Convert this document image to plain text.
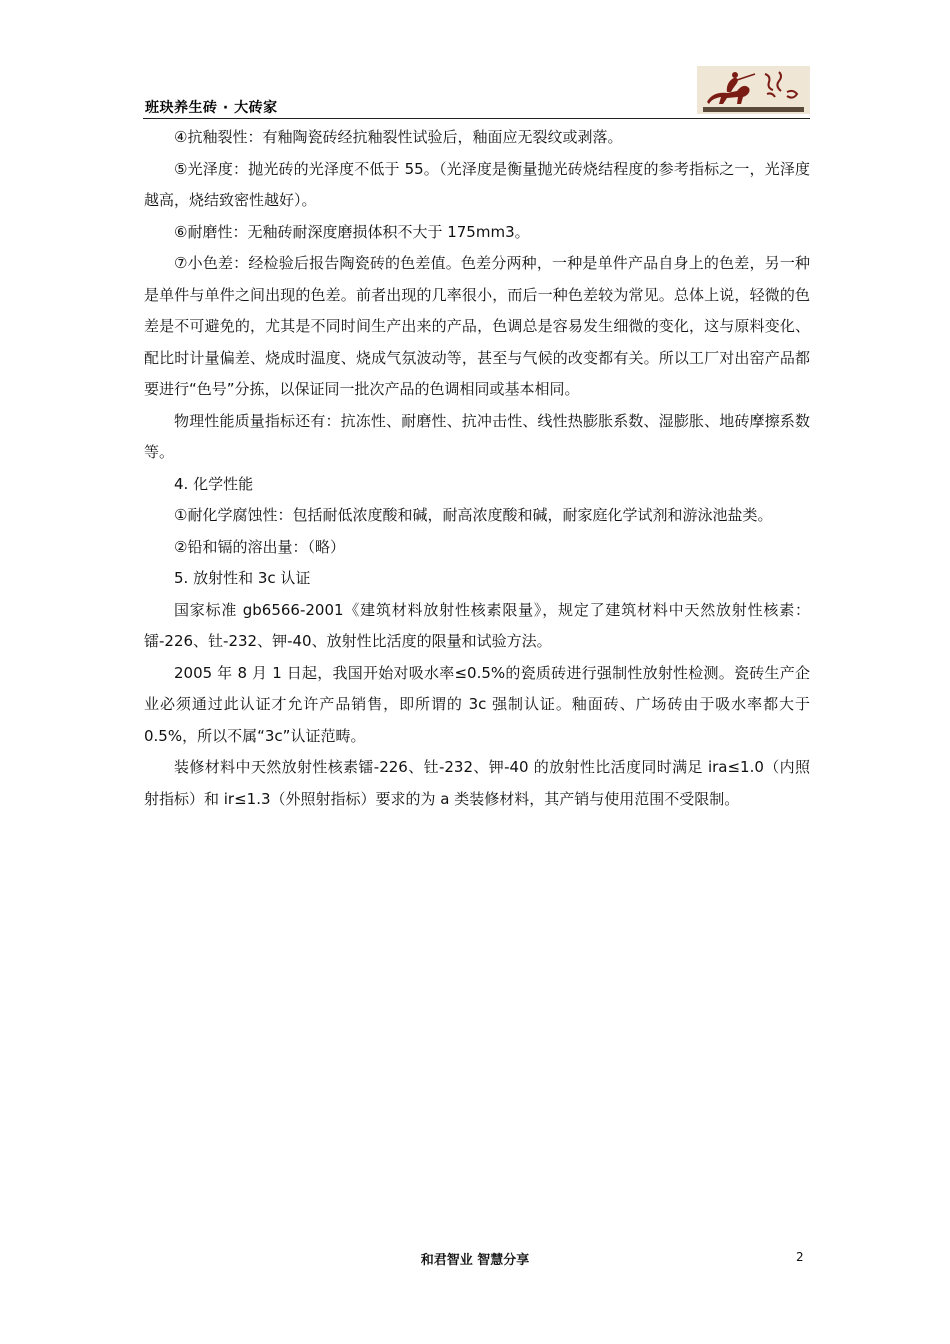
班玦养生砖 · 大砖家

④抗釉裂性：有釉陶瓷砖经抗釉裂性试验后，釉面应无裂纹或剥落。

⑤光泽度：抛光砖的光泽度不低于 55。（光泽度是衡量抛光砖烧结程度的参考指标之一，光泽度越高，烧结致密性越好）。

⑥耐磨性：无釉砖耐深度磨损体积不大于 175mm3。

⑦小色差：经检验后报告陶瓷砖的色差值。色差分两种，一种是单件产品自身上的色差，另一种是单件与单件之间出现的色差。前者出现的几率很小，而后一种色差较为常见。总体上说，轻微的色差是不可避免的，尤其是不同时间生产出来的产品，色调总是容易发生细微的变化，这与原料变化、配比时计量偏差、烧成时温度、烧成气氛波动等，甚至与气候的改变都有关。所以工厂对出窑产品都要进行“色号”分拣，以保证同一批次产品的色调相同或基本相同。

物理性能质量指标还有：抗冻性、耐磨性、抗冲击性、线性热膨胀系数、湿膨胀、地砖摩擦系数等。

4. 化学性能

①耐化学腐蚀性：包括耐低浓度酸和碱，耐高浓度酸和碱，耐家庭化学试剂和游泳池盐类。

②铅和镉的溶出量：（略）

5. 放射性和 3c 认证

国家标准 gb6566-2001《建筑材料放射性核素限量》，规定了建筑材料中天然放射性核素：镭-226、钍-232、钾-40、放射性比活度的限量和试验方法。

2005 年 8 月 1 日起，我国开始对吸水率≤0.5%的瓷质砖进行强制性放射性检测。瓷砖生产企业必须通过此认证才允许产品销售，即所谓的 3c 强制认证。釉面砖、广场砖由于吸水率都大于 0.5%，所以不属“3c”认证范畴。

装修材料中天然放射性核素镭-226、钍-232、钾-40 的放射性比活度同时满足 ira≤1.0（内照射指标）和 ir≤1.3（外照射指标）要求的为 a 类装修材料，其产销与使用范围不受限制。

和君智业 智慧分享	2
